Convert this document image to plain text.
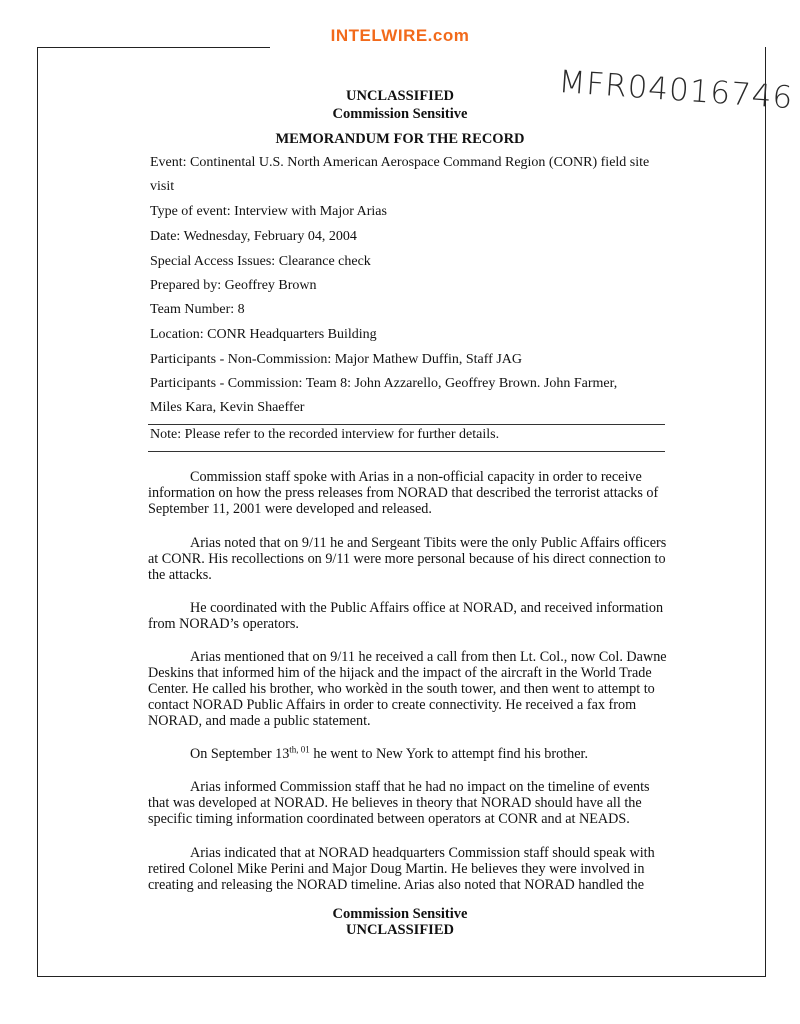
INTELWIRE.com
MFR04016746
UNCLASSIFIED
Commission Sensitive
MEMORANDUM FOR THE RECORD
Event: Continental U.S. North American Aerospace Command Region (CONR) field site
visit
Type of event: Interview with Major Arias
Date: Wednesday, February 04, 2004
Special Access Issues: Clearance check
Prepared by: Geoffrey Brown
Team Number: 8
Location: CONR Headquarters Building
Participants - Non-Commission: Major Mathew Duffin, Staff JAG
Participants - Commission: Team 8: John Azzarello, Geoffrey Brown. John Farmer,
Miles Kara, Kevin Shaeffer
Note: Please refer to the recorded interview for further details.
Commission staff spoke with Arias in a non-official capacity in order to receive information on how the press releases from NORAD that described the terrorist attacks of September 11, 2001 were developed and released.
Arias noted that on 9/11 he and Sergeant Tibits were the only Public Affairs officers at CONR. His recollections on 9/11 were more personal because of his direct connection to the attacks.
He coordinated with the Public Affairs office at NORAD, and received information from NORAD’s operators.
Arias mentioned that on 9/11 he received a call from then Lt. Col., now Col. Dawne Deskins that informed him of the hijack and the impact of the aircraft in the World Trade Center. He called his brother, who workèd in the south tower, and then went to attempt to contact NORAD Public Affairs in order to create connectivity. He received a fax from NORAD, and made a public statement.
On September $13^{th, 01}$ he went to New York to attempt find his brother.
Arias informed Commission staff that he had no impact on the timeline of events that was developed at NORAD. He believes in theory that NORAD should have all the specific timing information coordinated between operators at CONR and at NEADS.
Arias indicated that at NORAD headquarters Commission staff should speak with retired Colonel Mike Perini and Major Doug Martin. He believes they were involved in creating and releasing the NORAD timeline. Arias also noted that NORAD handled the
Commission Sensitive
UNCLASSIFIED
